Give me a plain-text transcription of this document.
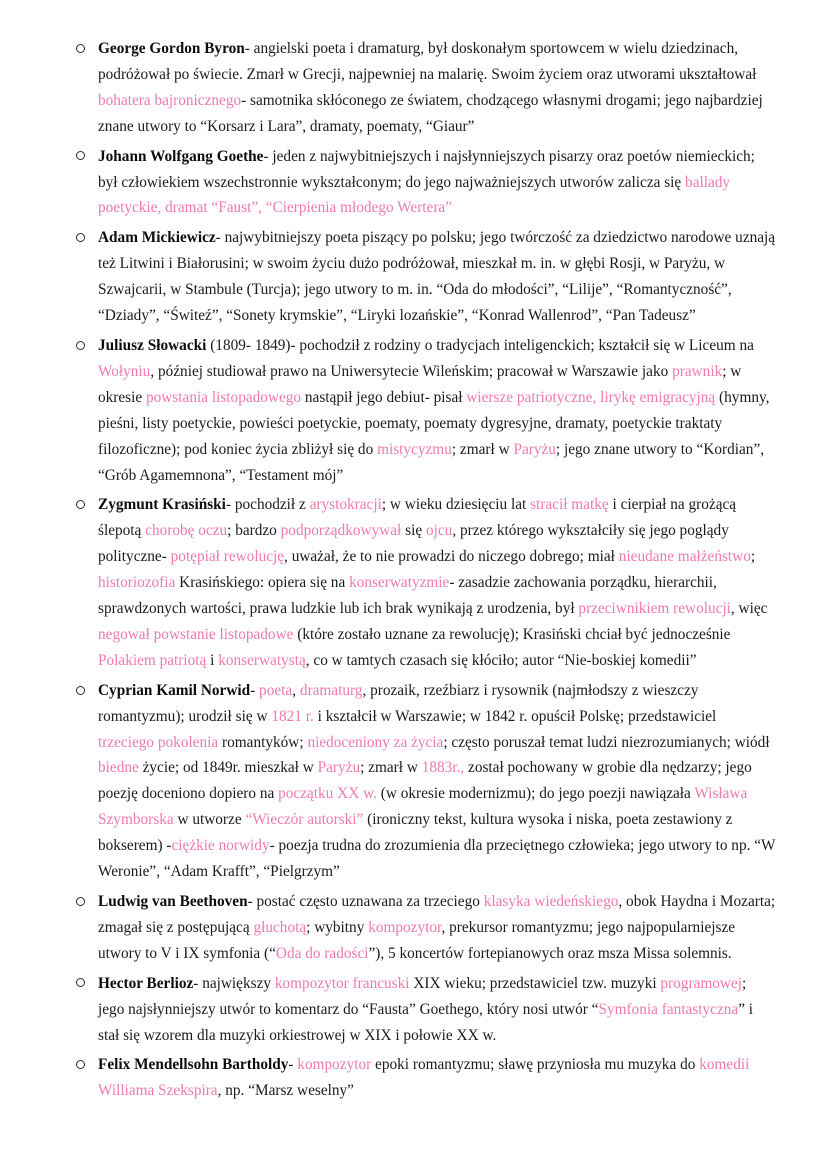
George Gordon Byron- angielski poeta i dramaturg, był doskonałym sportowcem w wielu dziedzinach, podróżował po świecie. Zmarł w Grecji, najpewniej na malarię. Swoim życiem oraz utworami ukształtował bohatera bajronicznego- samotnika skłóconego ze światem, chodzącego własnymi drogami; jego najbardziej znane utwory to “Korsarz i Lara”, dramaty, poematy, “Giaur”
Johann Wolfgang Goethe- jeden z najwybitniejszych i najsłynniejszych pisarzy oraz poetów niemieckich; był człowiekiem wszechstronnie wykształconym; do jego najważniejszych utworów zalicza się ballady poetyckie, dramat “Faust”, “Cierpienia młodego Wertera”
Adam Mickiewicz- najwybitniejszy poeta piszący po polsku; jego twórczość za dziedzictwo narodowe uznają też Litwini i Białorusini; w swoim życiu dużo podróżował, mieszkał m. in. w głębi Rosji, w Paryżu, w Szwajcarii, w Stambule (Turcja); jego utwory to m. in. “Oda do młodości”, “Lilije”, “Romantyczność”, “Dziady”, “Świteź”, “Sonety krymskie”, “Liryki lozańskie”, “Konrad Wallenrod”, “Pan Tadeusz”
Juliusz Słowacki (1809- 1849)- pochodził z rodziny o tradycjach inteligenckich; kształcił się w Liceum na Wołyniu, później studiował prawo na Uniwersytecie Wileńskim; pracował w Warszawie jako prawnik; w okresie powstania listopadowego nastąpił jego debiut- pisał wiersze patriotyczne, lirykę emigracyjną (hymny, pieśni, listy poetyckie, powieści poetyckie, poematy, poematy dygresyjne, dramaty, poetyckie traktaty filozoficzne); pod koniec życia zbliżył się do mistycyzmu; zmarł w Paryżu; jego znane utwory to “Kordian”, “Grób Agamemnona”, “Testament mój”
Zygmunt Krasiński- pochodził z arystokracji; w wieku dziesięciu lat stracił matkę i cierpiał na grożącą ślepotą chorobę oczu; bardzo podporządkowywał się ojcu, przez którego wykształciły się jego poglądy polityczne- potępiał rewolucję, uważał, że to nie prowadzi do niczego dobrego; miał nieudane małżeństwo; historiozofia Krasińskiego: opiera się na konserwatyzmie- zasadzie zachowania porządku, hierarchii, sprawdzonych wartości, prawa ludzkie lub ich brak wynikają z urodzenia, był przeciwnikiem rewolucji, więc negował powstanie listopadowe (które zostało uznane za rewolucję); Krasiński chciał być jednocześnie Polakiem patriotą i konserwatystą, co w tamtych czasach się kłóciło; autor “Nie-boskiej komedii”
Cyprian Kamil Norwid- poeta, dramaturg, prozaik, rzeźbiarz i rysownik (najmłodszy z wieszczy romantyzmu); urodził się w 1821 r. i kształcił w Warszawie; w 1842 r. opuścił Polskę; przedstawiciel trzeciego pokolenia romantyków; niedoceniony za życia; często poruszał temat ludzi niezrozumianych; wiódł biedne życie; od 1849r. mieszkał w Paryżu; zmarł w 1883r., został pochowany w grobie dla nędzarzy; jego poezję doceniono dopiero na początku XX w. (w okresie modernizmu); do jego poezji nawiązała Wisława Szymborska w utworze “Wieczór autorski” (ironiczny tekst, kultura wysoka i niska, poeta zestawiony z bokserem) -ciężkie norwidy- poezja trudna do zrozumienia dla przeciętnego człowieka; jego utwory to np. “W Weronie”, “Adam Krafft”, “Pielgrzym”
Ludwig van Beethoven- postać często uznawana za trzeciego klasyka wiedeńskiego, obok Haydna i Mozarta; zmagał się z postępującą głuchotą; wybitny kompozytor, prekursor romantyzmu; jego najpopularniejsze utwory to V i IX symfonia (“Oda do radości”), 5 koncertów fortepianowych oraz msza Missa solemnis.
Hector Berlioz- największy kompozytor francuski XIX wieku; przedstawiciel tzw. muzyki programowej; jego najsłynniejszy utwór to komentarz do “Fausta” Goethego, który nosi utwór “Symfonia fantastyczna” i stał się wzorem dla muzyki orkiestrowej w XIX i połowie XX w.
Felix Mendellsohn Bartholdy- kompozytor epoki romantyzmu; sławę przyniosła mu muzyka do komedii Williama Szekspira, np. “Marsz weselny”
